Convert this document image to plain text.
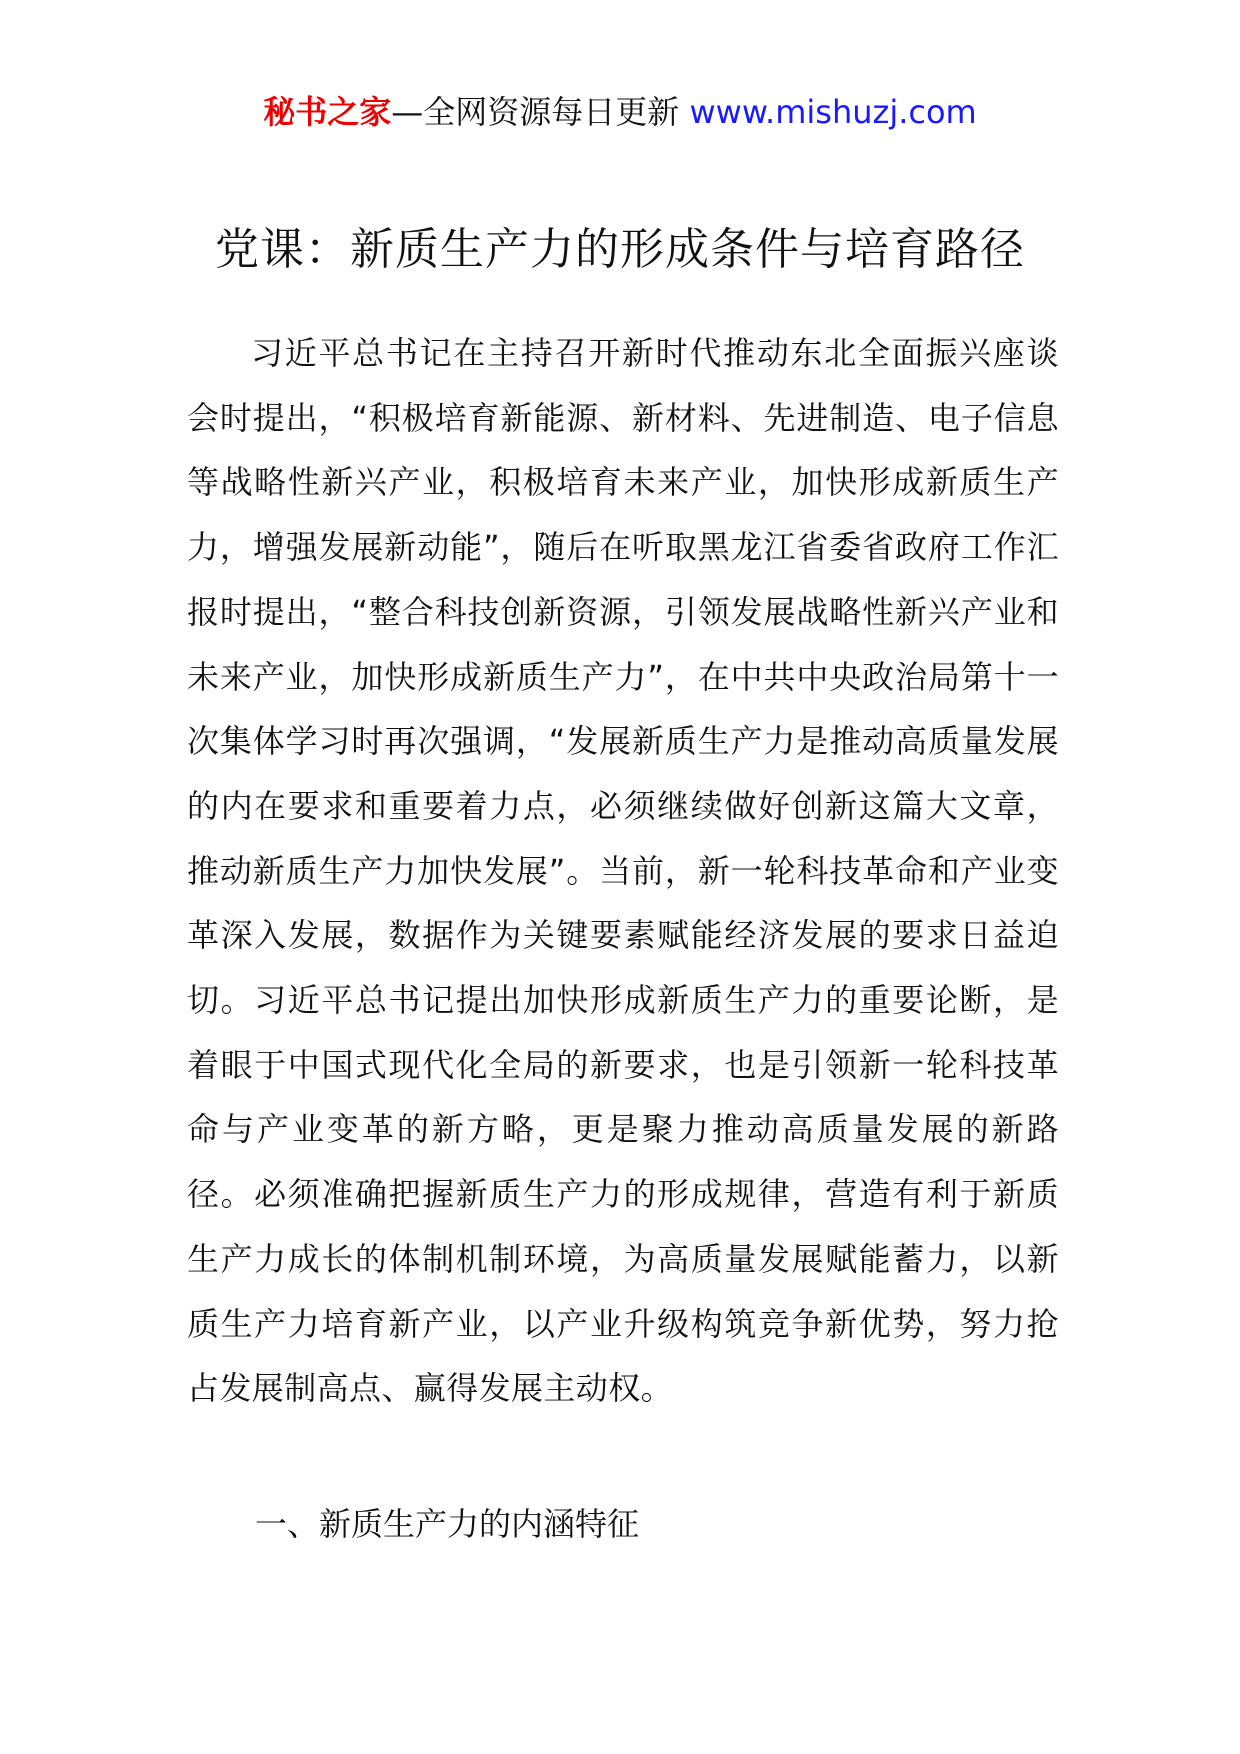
秘书之家—全网资源每日更新 www.mishuzj.com
党课：新质生产力的形成条件与培育路径

习近平总书记在主持召开新时代推动东北全面振兴座谈会时提出，“积极培育新能源、新材料、先进制造、电子信息等战略性新兴产业，积极培育未来产业，加快形成新质生产力，增强发展新动能”，随后在听取黑龙江省委省政府工作汇报时提出，“整合科技创新资源，引领发展战略性新兴产业和未来产业，加快形成新质生产力”，在中共中央政治局第十一次集体学习时再次强调，“发展新质生产力是推动高质量发展的内在要求和重要着力点，必须继续做好创新这篇大文章，推动新质生产力加快发展”。当前，新一轮科技革命和产业变革深入发展，数据作为关键要素赋能经济发展的要求日益迫切。习近平总书记提出加快形成新质生产力的重要论断，是着眼于中国式现代化全局的新要求，也是引领新一轮科技革命与产业变革的新方略，更是聚力推动高质量发展的新路径。必须准确把握新质生产力的形成规律，营造有利于新质生产力成长的体制机制环境，为高质量发展赋能蓄力，以新质生产力培育新产业，以产业升级构筑竞争新优势，努力抢占发展制高点、赢得发展主动权。

一、新质生产力的内涵特征
